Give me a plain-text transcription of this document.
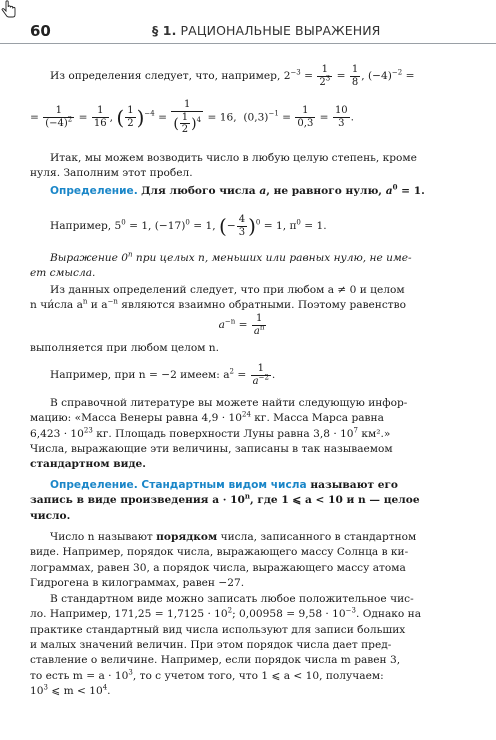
60	§ 1. РАЦИОНАЛЬНЫЕ ВЫРАЖЕНИЯ
Из определения следует, что, например, $2^{-3} = \frac{1}{2^3} = \frac{1}{8}$ , $(-4)^{-2}$ =
= $\frac{1}{(-4)^2} = \frac{1}{16}$ , ( $\frac{1}{2} )^{-4} = \frac{1}{( \frac{1}{2} )^4} = 16$, $(0,3)^{-1} = \frac{1}{0,3} = \frac{10}{3}$ .
Итак, мы можем возводить число в любую целую степень, кроме
нуля. Заполним этот пробел.
Определение. Для любого числа a, не равного нулю, $a^0 = 1$.
Например, $5^0 = 1$, $(-17)^0 = 1$, (− $\frac{4}{3} )^0 = 1$, $\pi^0 = 1$.
Выражение 0$^n$ при целых n, меньших или равных нулю, не име-
ет смысла.
Из данных определений следует, что при любом a ≠ 0 и целом
n чи́сла $a^n$ и $a^{-n}$ являются взаимно обратными. Поэтому равенство
$a^{-n} = \frac{1}{a^n}$
выполняется при любом целом n.
Например, при n = −2 имеем: $a^2 = \frac{1}{a^{-2}}$ .
В справочной литературе вы можете найти следующую инфор-
мацию: «Масса Венеры равна $4,9 \cdot 10^{24}$ кг. Масса Марса равна
$6,423 \cdot 10^{23}$ кг. Площадь поверхности Луны равна $3,8 \cdot 10^7$ км².»
Числа, выражающие эти величины, записаны в так называемом
стандартном виде.
Определение. Стандартным видом числа называют его
запись в виде произведения $a \cdot 10^n$, где 1 ⩽ a < 10 и n — целое
число.
Число n называют порядком числа, записанного в стандартном
виде. Например, порядок числа, выражающего массу Солнца в ки-
лограммах, равен 30, а порядок числа, выражающего массу атома
Гидрогена в килограммах, равен −27.
В стандартном виде можно записать любое положительное чис-
ло. Например, $171,25 = 1,7125 \cdot 10^2$; $0,00958 = 9,58 \cdot 10^{-3}$. Однако на
практике стандартный вид числа используют для записи больших
и малых значений величин. При этом порядок числа дает пред-
ставление о величине. Например, если порядок числа m равен 3,
то есть $m = a \cdot 10^3$, то с учетом того, что 1 ⩽ a < 10, получаем:
$10^3$ ⩽ $m < 10^4$.
